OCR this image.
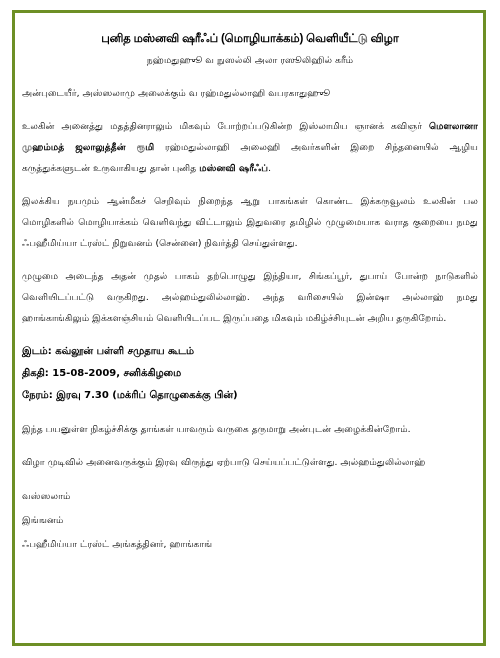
புனித மஸ்னவி ஷரீஃப் (மொழியாக்கம்) வெளியீட்டு விழா
நஹ்மதுஹுூ வ நுஸல்லி அலா ரஸூலிஹில் கரீம்

அன்புடையீர், அஸ்ஸலாமு அலைக்கும் வ ரஹ்மதுல்லாஹி வபரகாதுஹுூ

உலகின் அனைத்து மதத்தினராலும் மிகவும் போற்றப்படுகின்ற இஸ்லாமிய ஞானக் கவிஞர் மௌலானா முஹம்மத் ஜலாலுத்தீன் ரூமி ரஹ்மதுல்லாஹி அலைஹி அவர்களின் இறை சிந்தனையில் ஆழிய கருத்துக்களுடன் உருவாகியது தான் புனித மஸ்னவி ஷரீஃப்.

இலக்கிய நயமும் ஆன்மீகச் செறிவும் நிறைந்த ஆறு பாகங்கள் கொண்ட இக்கருவூலம் உலகின் பல மொழிகளில் மொழியாக்கம் வெளிவந்து விட்டாலும் இதுவரை தமிழில் முழுமையாக வராத குறையை நமது ஃபஹீமிய்யா ட்ரஸ்ட் நிறுவனம் (சென்னை) நிவர்த்தி செய்துள்ளது.

முழுமை அடைந்த அதன் முதல் பாகம் தற்பொழுது இந்தியா, சிங்கப்பூர், துபாய் போன்ற நாடுகளில் வெளியிடப்பட்டு வருகிறது. அல்ஹம்துலில்லாஹ். அந்த வரிசையில் இன்ஷா அல்லாஹ் நமது ஹாங்காங்கிலும் இக்களஞ்சியம் வெளியிடப்பட இருப்பதை மிகவும் மகிழ்ச்சியுடன் அறிய தருகிறோம்.

இடம்: கவ்லூன் பள்ளி சமுதாய கூடம்

திகதி: 15-08-2009, சனிக்கிழமை

நேரம்: இரவு 7.30 (மக்ரிப் தொழுகைக்கு பின்)

இந்த பயனுள்ள நிகழ்ச்சிக்கு தாங்கள் யாவரும் வருகை தருமாறு அன்புடன் அழைக்கின்றோம்.

விழா முடிவில் அனைவருக்கும் இரவு விருந்து ஏற்பாடு செய்யப்பட்டுள்ளது. அல்ஹம்துலில்லாஹ்

வஸ்ஸலாம்

இங்ஙனம்

ஃபஹீமிய்யா ட்ரஸ்ட் அங்கத்தினர், ஹாங்காங்
